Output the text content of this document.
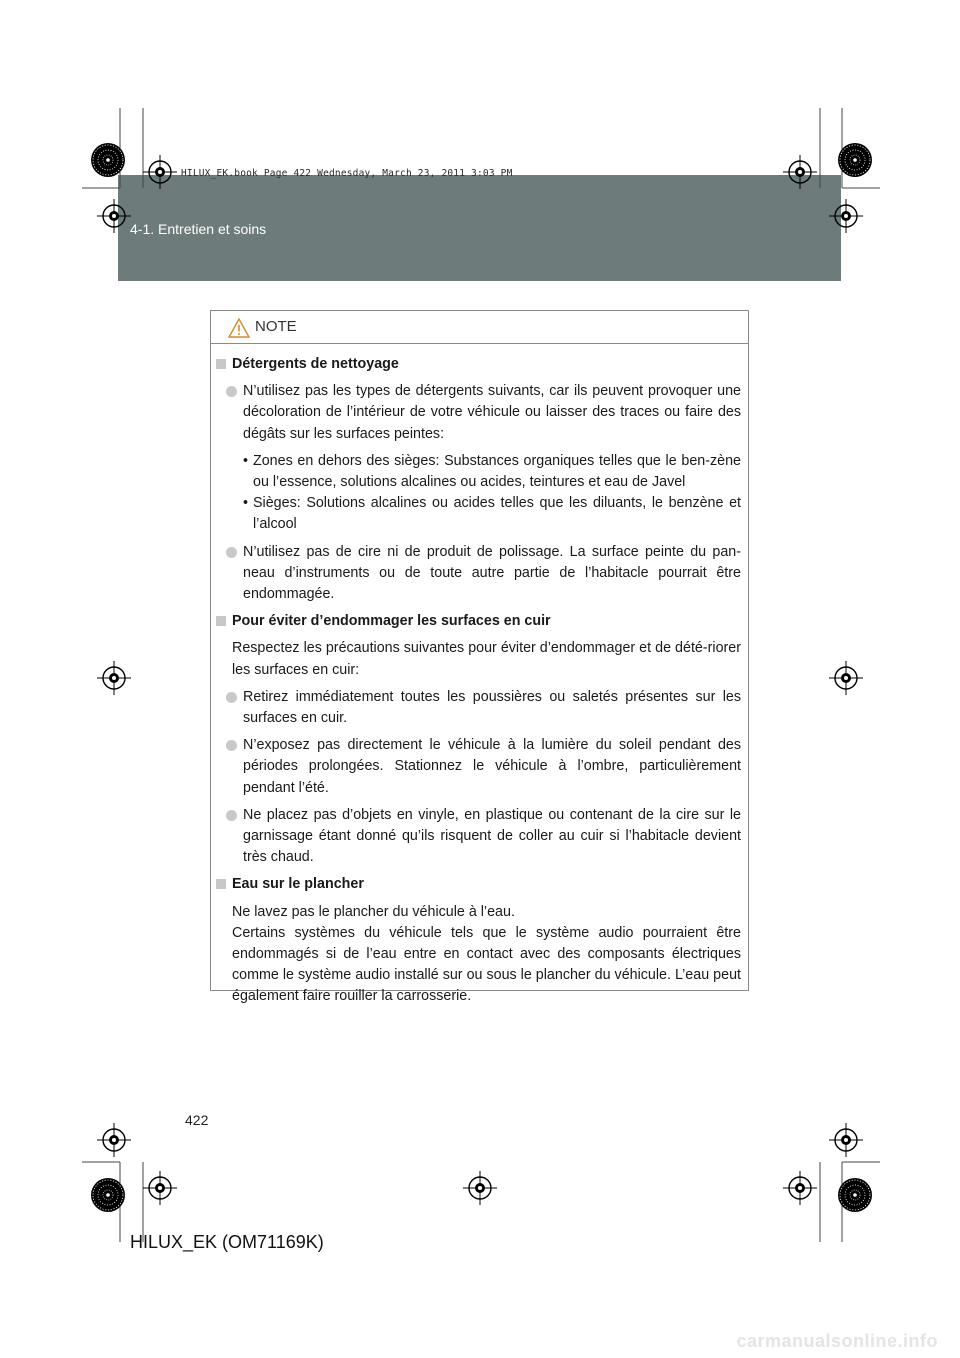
4-1. Entretien et soins
HILUX_EK.book Page 422 Wednesday, March 23, 2011 3:03 PM
NOTE
Détergents de nettoyage
N’utilisez pas les types de détergents suivants, car ils peuvent provoquer une décoloration de l’intérieur de votre véhicule ou laisser des traces ou faire des dégâts sur les surfaces peintes:
• Zones en dehors des sièges: Substances organiques telles que le ben-zène ou l’essence, solutions alcalines ou acides, teintures et eau de Javel
• Sièges: Solutions alcalines ou acides telles que les diluants, le benzène et l’alcool
N’utilisez pas de cire ni de produit de polissage. La surface peinte du pan-neau d’instruments ou de toute autre partie de l’habitacle pourrait être endommagée.
Pour éviter d’endommager les surfaces en cuir
Respectez les précautions suivantes pour éviter d’endommager et de dété-riorer les surfaces en cuir:
Retirez immédiatement toutes les poussières ou saletés présentes sur les surfaces en cuir.
N’exposez pas directement le véhicule à la lumière du soleil pendant des périodes prolongées. Stationnez le véhicule à l’ombre, particulièrement pendant l’été.
Ne placez pas d’objets en vinyle, en plastique ou contenant de la cire sur le garnissage étant donné qu’ils risquent de coller au cuir si l’habitacle devient très chaud.
Eau sur le plancher
Ne lavez pas le plancher du véhicule à l’eau.
Certains systèmes du véhicule tels que le système audio pourraient être endommagés si de l’eau entre en contact avec des composants électriques comme le système audio installé sur ou sous le plancher du véhicule. L’eau peut également faire rouiller la carrosserie.
422
HILUX_EK (OM71169K)
carmanualsonline.info
